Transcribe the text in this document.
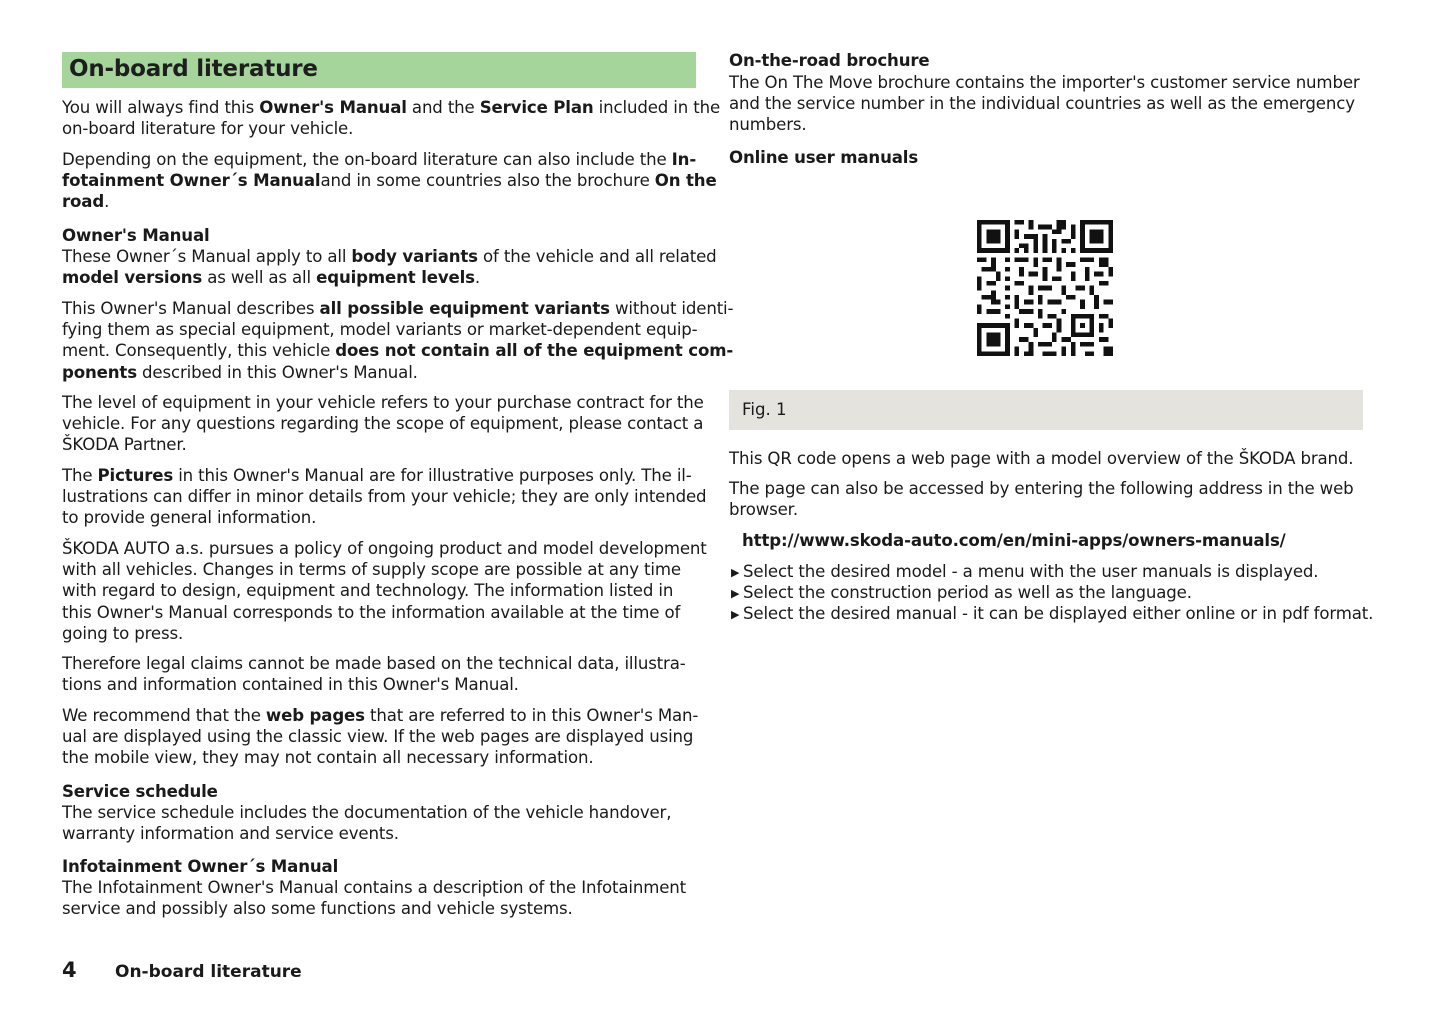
On-board literature
You will always find this Owner's Manual and the Service Plan included in the
on-board literature for your vehicle.
Depending on the equipment, the on-board literature can also include the In-
fotainment Owner´s Manualand in some countries also the brochure On the
road.
Owner's Manual
These Owner´s Manual apply to all body variants of the vehicle and all related
model versions as well as all equipment levels.
This Owner's Manual describes all possible equipment variants without identi-
fying them as special equipment, model variants or market-dependent equip-
ment. Consequently, this vehicle does not contain all of the equipment com-
ponents described in this Owner's Manual.
The level of equipment in your vehicle refers to your purchase contract for the
vehicle. For any questions regarding the scope of equipment, please contact a
ŠKODA Partner.
The Pictures in this Owner's Manual are for illustrative purposes only. The il-
lustrations can differ in minor details from your vehicle; they are only intended
to provide general information.
ŠKODA AUTO a.s. pursues a policy of ongoing product and model development
with all vehicles. Changes in terms of supply scope are possible at any time
with regard to design, equipment and technology. The information listed in
this Owner's Manual corresponds to the information available at the time of
going to press.
Therefore legal claims cannot be made based on the technical data, illustra-
tions and information contained in this Owner's Manual.
We recommend that the web pages that are referred to in this Owner's Man-
ual are displayed using the classic view. If the web pages are displayed using
the mobile view, they may not contain all necessary information.
Service schedule
The service schedule includes the documentation of the vehicle handover,
warranty information and service events.
Infotainment Owner´s Manual
The Infotainment Owner's Manual contains a description of the Infotainment
service and possibly also some functions and vehicle systems.
On-the-road brochure
The On The Move brochure contains the importer's customer service number
and the service number in the individual countries as well as the emergency
numbers.
Online user manuals
Fig. 1
This QR code opens a web page with a model overview of the ŠKODA brand.
The page can also be accessed by entering the following address in the web
browser.
http://www.skoda-auto.com/en/mini-apps/owners-manuals/
▶ Select the desired model - a menu with the user manuals is displayed.
▶ Select the construction period as well as the language.
▶ Select the desired manual - it can be displayed either online or in pdf format.
4 On-board literature
